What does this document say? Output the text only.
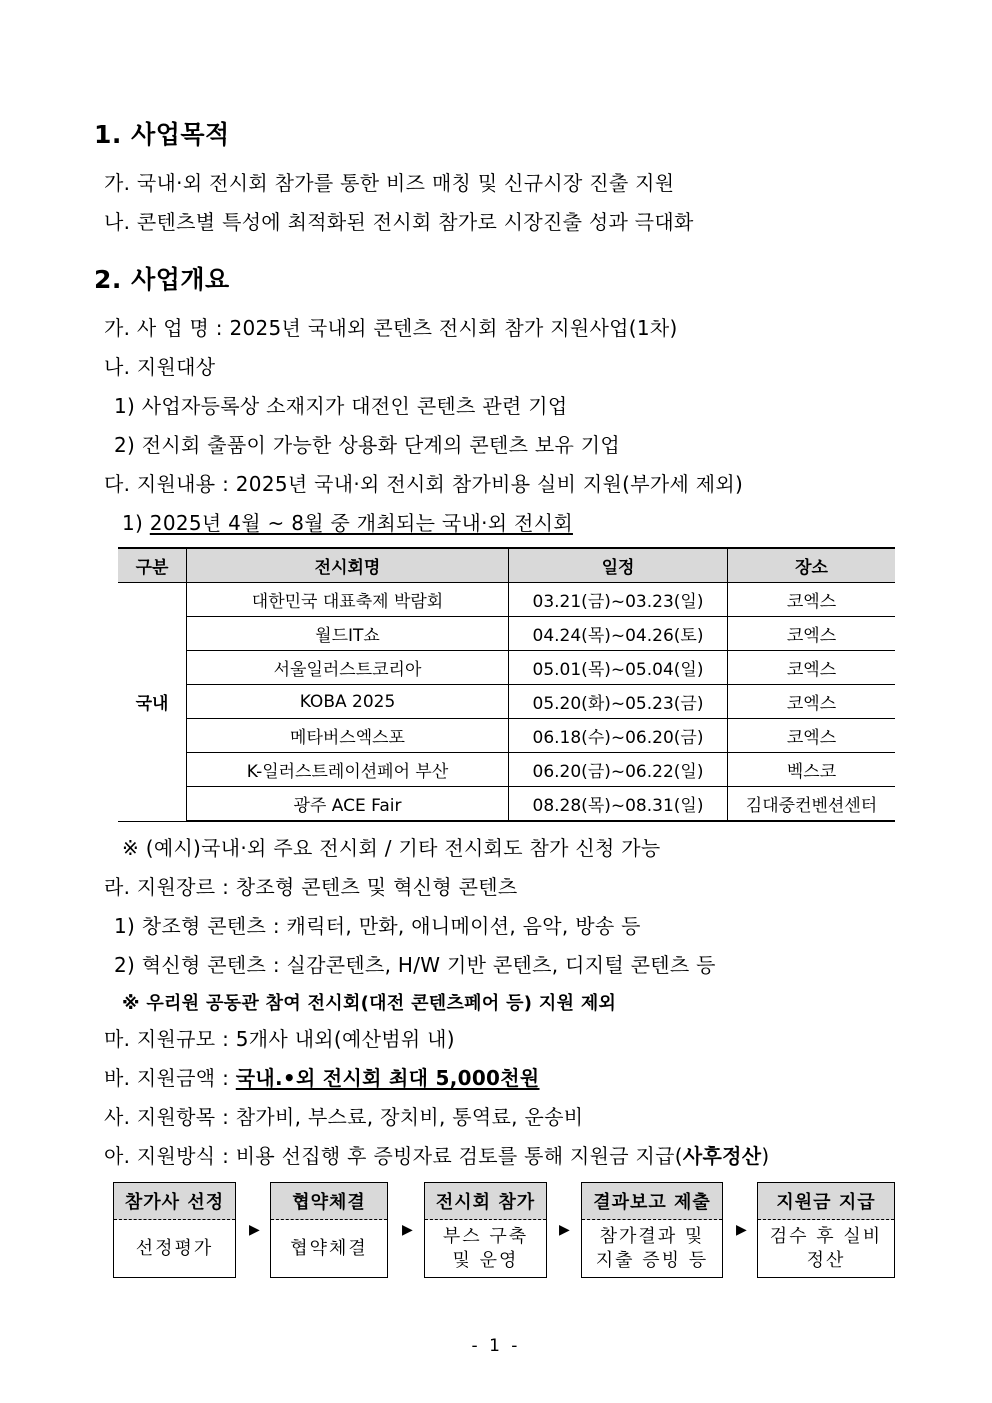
1. 사업목적
가. 국내·외 전시회 참가를 통한 비즈 매칭 및 신규시장 진출 지원
나. 콘텐츠별 특성에 최적화된 전시회 참가로 시장진출 성과 극대화
2. 사업개요
가. 사 업 명 : 2025년 국내외 콘텐츠 전시회 참가 지원사업(1차)
나. 지원대상
1) 사업자등록상 소재지가 대전인 콘텐츠 관련 기업
2) 전시회 출품이 가능한 상용화 단계의 콘텐츠 보유 기업
다. 지원내용 : 2025년 국내·외 전시회 참가비용 실비 지원(부가세 제외)
1) 2025년 4월 ~ 8월 중 개최되는 국내·외 전시회
구분	전시회명	일정	장소
국내	대한민국 대표축제 박람회	03.21(금)~03.23(일)	코엑스
	월드IT쇼	04.24(목)~04.26(토)	코엑스
	서울일러스트코리아	05.01(목)~05.04(일)	코엑스
	KOBA 2025	05.20(화)~05.23(금)	코엑스
	메타버스엑스포	06.18(수)~06.20(금)	코엑스
	K-일러스트레이션페어 부산	06.20(금)~06.22(일)	벡스코
	광주 ACE Fair	08.28(목)~08.31(일)	김대중컨벤션센터
※ (예시)국내·외 주요 전시회 / 기타 전시회도 참가 신청 가능
라. 지원장르 : 창조형 콘텐츠 및 혁신형 콘텐츠
1) 창조형 콘텐츠 : 캐릭터, 만화, 애니메이션, 음악, 방송 등
2) 혁신형 콘텐츠 : 실감콘텐츠, H/W 기반 콘텐츠, 디지털 콘텐츠 등
※ 우리원 공동관 참여 전시회(대전 콘텐츠페어 등) 지원 제외
마. 지원규모 : 5개사 내외(예산범위 내)
바. 지원금액 : 국내.•외 전시회 최대 5,000천원
사. 지원항목 : 참가비, 부스료, 장치비, 통역료, 운송비
아. 지원방식 : 비용 선집행 후 증빙자료 검토를 통해 지원금 지급(사후정산)
참가사 선정
선정평가
▶
협약체결
협약체결
▶
전시회 참가
부스 구축
및 운영
▶
결과보고 제출
참가결과 및
지출 증빙 등
▶
지원금 지급
검수 후 실비
정산
- 1 -
